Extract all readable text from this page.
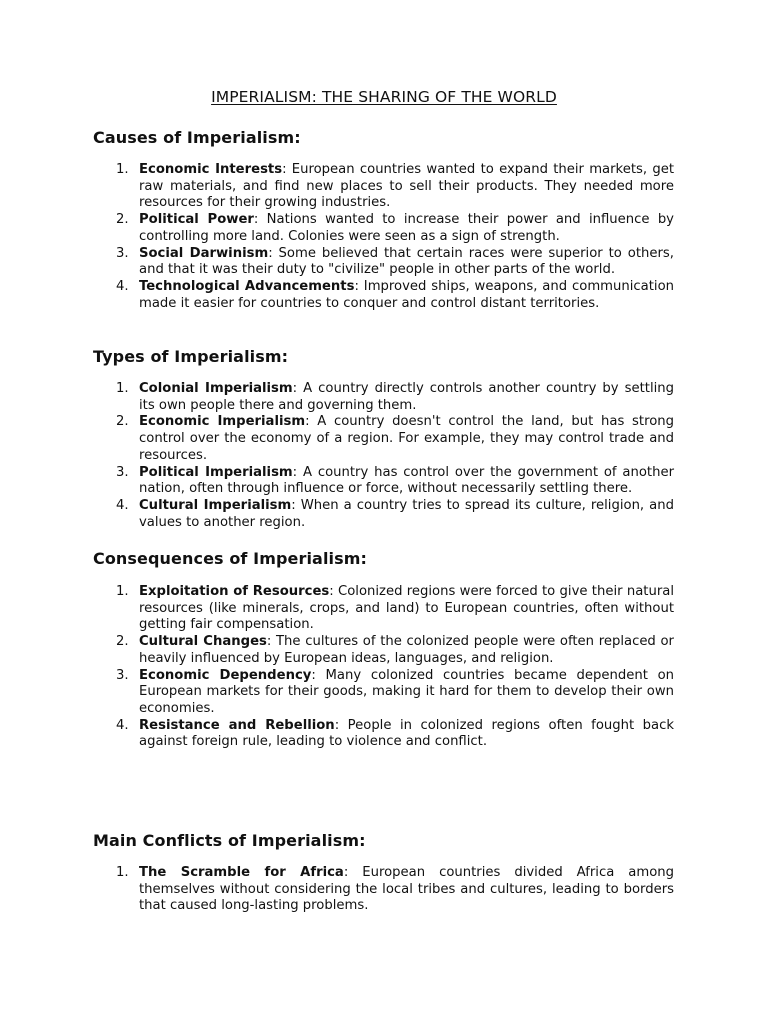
IMPERIALISM: THE SHARING OF THE WORLD
Causes of Imperialism:
1. Economic Interests: European countries wanted to expand their markets, get raw materials, and find new places to sell their products. They needed more resources for their growing industries.
2. Political Power: Nations wanted to increase their power and influence by controlling more land. Colonies were seen as a sign of strength.
3. Social Darwinism: Some believed that certain races were superior to others, and that it was their duty to "civilize" people in other parts of the world.
4. Technological Advancements: Improved ships, weapons, and communication made it easier for countries to conquer and control distant territories.
Types of Imperialism:
1. Colonial Imperialism: A country directly controls another country by settling its own people there and governing them.
2. Economic Imperialism: A country doesn't control the land, but has strong control over the economy of a region. For example, they may control trade and resources.
3. Political Imperialism: A country has control over the government of another nation, often through influence or force, without necessarily settling there.
4. Cultural Imperialism: When a country tries to spread its culture, religion, and values to another region.
Consequences of Imperialism:
1. Exploitation of Resources: Colonized regions were forced to give their natural resources (like minerals, crops, and land) to European countries, often without getting fair compensation.
2. Cultural Changes: The cultures of the colonized people were often replaced or heavily influenced by European ideas, languages, and religion.
3. Economic Dependency: Many colonized countries became dependent on European markets for their goods, making it hard for them to develop their own economies.
4. Resistance and Rebellion: People in colonized regions often fought back against foreign rule, leading to violence and conflict.
Main Conflicts of Imperialism:
1. The Scramble for Africa: European countries divided Africa among themselves without considering the local tribes and cultures, leading to borders that caused long-lasting problems.
